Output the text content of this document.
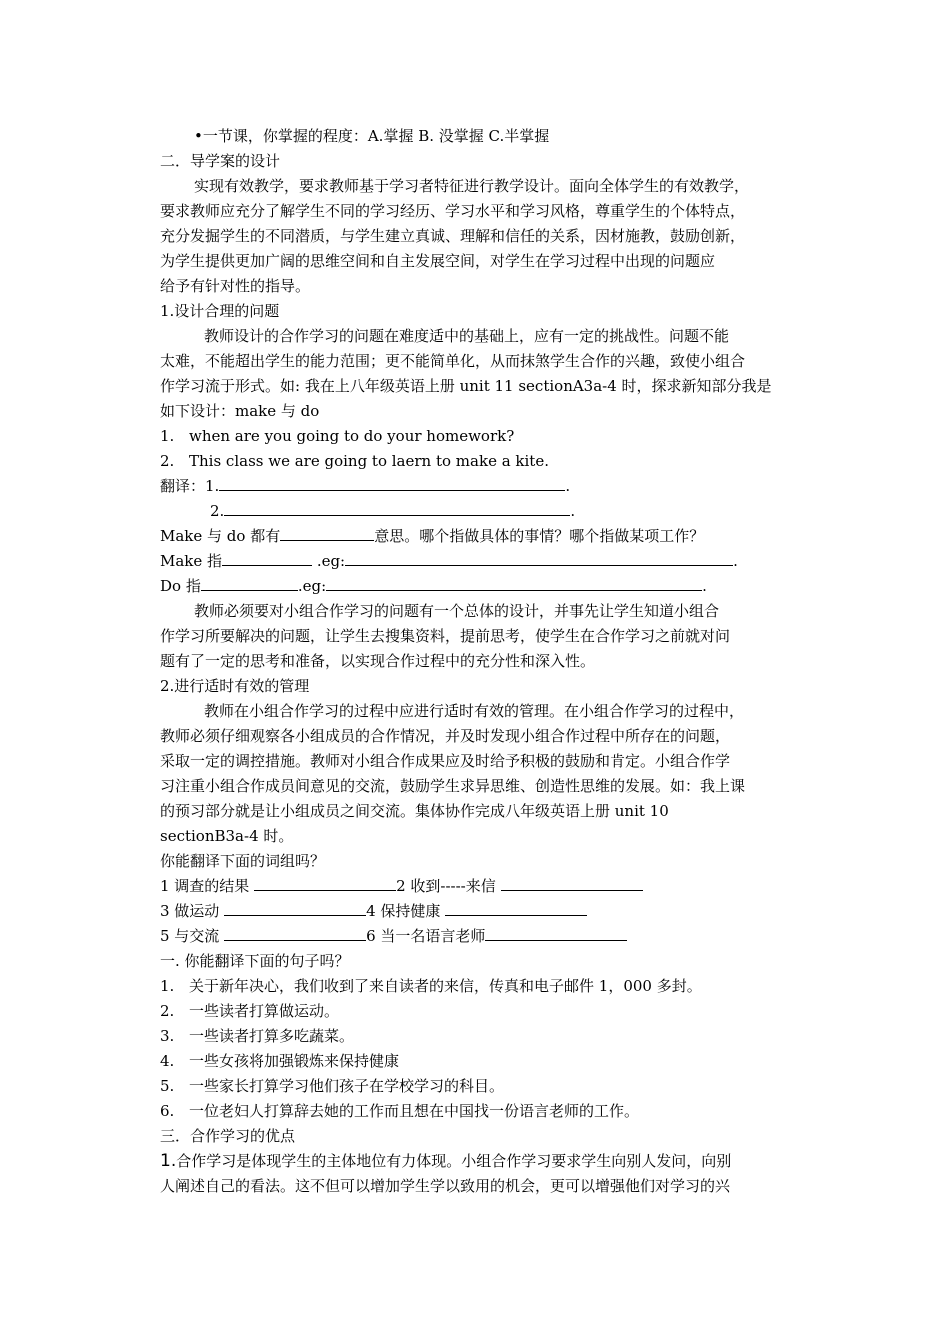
•一节课，你掌握的程度：A.掌握 B. 没掌握 C.半掌握
二．导学案的设计
实现有效教学，要求教师基于学习者特征进行教学设计。面向全体学生的有效教学，
要求教师应充分了解学生不同的学习经历、学习水平和学习风格，尊重学生的个体特点，
充分发掘学生的不同潜质，与学生建立真诚、理解和信任的关系，因材施教，鼓励创新，
为学生提供更加广阔的思维空间和自主发展空间，对学生在学习过程中出现的问题应
给予有针对性的指导。
1.设计合理的问题
教师设计的合作学习的问题在难度适中的基础上，应有一定的挑战性。问题不能
太难，不能超出学生的能力范围；更不能简单化，从而抹煞学生合作的兴趣，致使小组合
作学习流于形式。如: 我在上八年级英语上册 unit 11 sectionA3a-4 时，探求新知部分我是
如下设计：make 与 do
1. when are you going to do your homework?
2. This class we are going to laern to make a kite.
翻译：1.	.
2.	.
Make 与 do 都有	意思。哪个指做具体的事情？哪个指做某项工作？
Make 指	.eg:	.
Do 指	.eg:	.
教师必须要对小组合作学习的问题有一个总体的设计，并事先让学生知道小组合
作学习所要解决的问题，让学生去搜集资料，提前思考，使学生在合作学习之前就对问
题有了一定的思考和准备，以实现合作过程中的充分性和深入性。
2.进行适时有效的管理
教师在小组合作学习的过程中应进行适时有效的管理。在小组合作学习的过程中，
教师必须仔细观察各小组成员的合作情况，并及时发现小组合作过程中所存在的问题，
采取一定的调控措施。教师对小组合作成果应及时给予积极的鼓励和肯定。小组合作学
习注重小组合作成员间意见的交流，鼓励学生求异思维、创造性思维的发展。如：我上课
的预习部分就是让小组成员之间交流。集体协作完成八年级英语上册 unit 10
sectionB3a-4 时。
你能翻译下面的词组吗？
1 调查的结果	2 收到-----来信
3 做运动	4 保持健康
5 与交流	6 当一名语言老师
一. 你能翻译下面的句子吗？
1. 关于新年决心，我们收到了来自读者的来信，传真和电子邮件 1，000 多封。
2. 一些读者打算做运动。
3. 一些读者打算多吃蔬菜。
4. 一些女孩将加强锻炼来保持健康
5. 一些家长打算学习他们孩子在学校学习的科目。
6. 一位老妇人打算辞去她的工作而且想在中国找一份语言老师的工作。
三．合作学习的优点
1.合作学习是体现学生的主体地位有力体现。小组合作学习要求学生向别人发问，向别
人阐述自己的看法。这不但可以增加学生学以致用的机会，更可以增强他们对学习的兴
